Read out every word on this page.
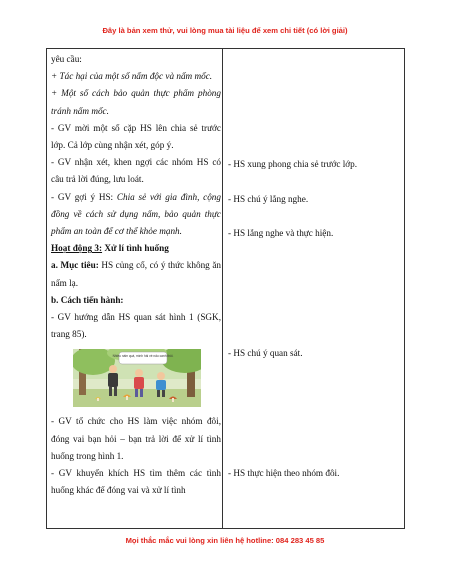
Đây là bản xem thử, vui lòng mua tài liệu để xem chi tiết (có lời giải)

yêu cầu:

+ Tác hại của một số nấm độc và nấm mốc.

+ Một số cách bảo quản thực phẩm phòng tránh nấm mốc.

- GV mời một số cặp HS lên chia sẻ trước lớp. Cả lớp cùng nhận xét, góp ý.

- GV nhận xét, khen ngợi các nhóm HS có câu trả lời đúng, lưu loát.

- GV gợi ý HS: Chia sẻ với gia đình, cộng đồng về cách sử dụng nấm, bảo quản thực phẩm an toàn để cơ thể khỏe mạnh.

Hoạt động 3: Xử lí tình huống

a. Mục tiêu: HS củng cố, có ý thức không ăn nấm lạ.

b. Cách tiến hành:

- GV hướng dẫn HS quan sát hình 1 (SGK, trang 85).

Nhiều nấm quá, mình hái về nấu canh thôi.

- GV tổ chức cho HS làm việc nhóm đôi, đóng vai bạn hỏi – bạn trả lời để xử lí tình huống trong hình 1.

- GV khuyến khích HS tìm thêm các tình huống khác để đóng vai và xử lí tình

- HS xung phong chia sẻ trước lớp.
- HS chú ý lắng nghe.
- HS lắng nghe và thực hiện.
- HS chú ý quan sát.
- HS thực hiện theo nhóm đôi.
Mọi thắc mắc vui lòng xin liên hệ hotline: 084 283 45 85
